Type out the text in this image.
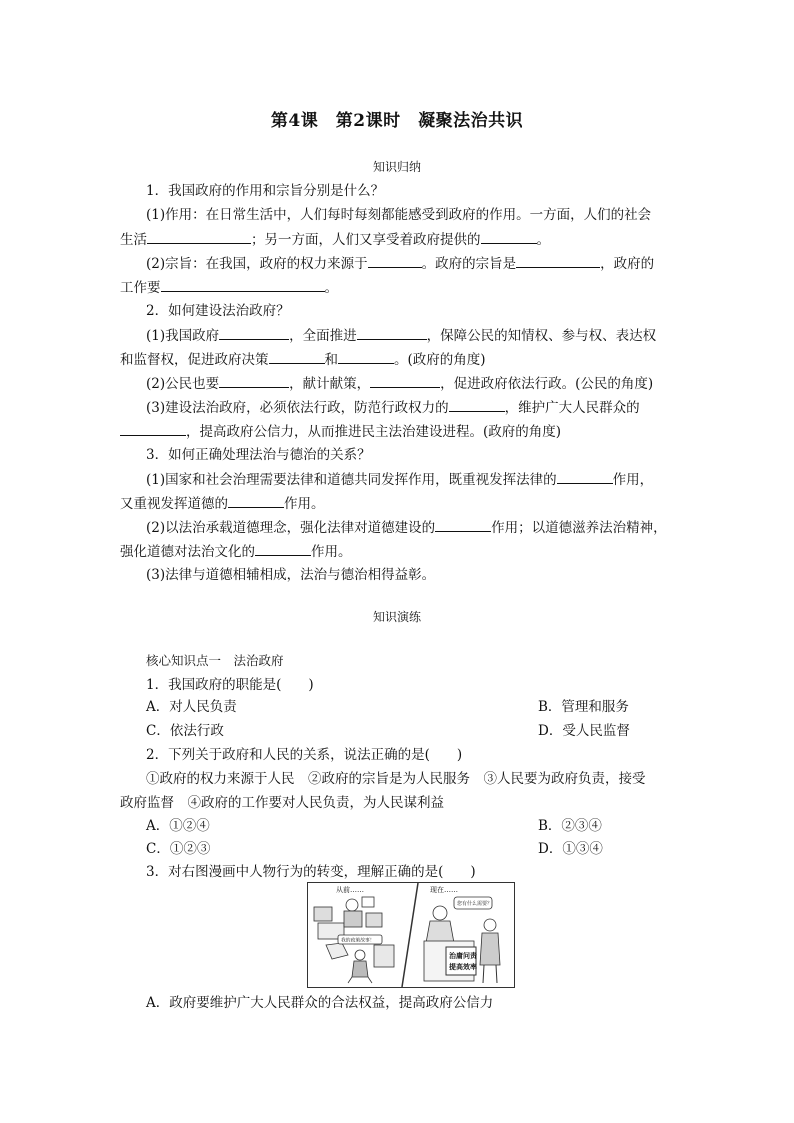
第4课　第2课时　凝聚法治共识
知识归纳
1．我国政府的作用和宗旨分别是什么？
(1)作用：在日常生活中，人们每时每刻都能感受到政府的作用。一方面，人们的社会
生活	；另一方面，人们又享受着政府提供的	。
(2)宗旨：在我国，政府的权力来源于	。政府的宗旨是	，政府的
工作要	。
2．如何建设法治政府？
(1)我国政府	，全面推进	，保障公民的知情权、参与权、表达权
和监督权，促进政府决策	和	。(政府的角度)
(2)公民也要	，献计献策，	，促进政府依法行政。(公民的角度)
(3)建设法治政府，必须依法行政，防范行政权力的	，维护广大人民群众的
，提高政府公信力，从而推进民主法治建设进程。(政府的角度)
3．如何正确处理法治与德治的关系？
(1)国家和社会治理需要法律和道德共同发挥作用，既重视发挥法律的	作用，
又重视发挥道德的	作用。
(2)以法治承载道德理念，强化法律对道德建设的	作用；以道德滋养法治精神，
强化道德对法治文化的	作用。
(3)法律与道德相辅相成，法治与德治相得益彰。
知识演练
核心知识点一　法治政府
1．我国政府的职能是(　　)
A．对人民负责	B．管理和服务
C．依法行政	D．受人民监督
2．下列关于政府和人民的关系，说法正确的是(　　)
①政府的权力来源于人民　②政府的宗旨是为人民服务　③人民要为政府负责，接受
政府监督　④政府的工作要对人民负责，为人民谋利益
A．①②④	B．②③④
C．①②③	D．①③④
3．对右图漫画中人物行为的转变，理解正确的是(　　)
从前……	现在……
我的政策故事！
您有什么需要？
治庸问责
提高效率
A．政府要维护广大人民群众的合法权益，提高政府公信力
